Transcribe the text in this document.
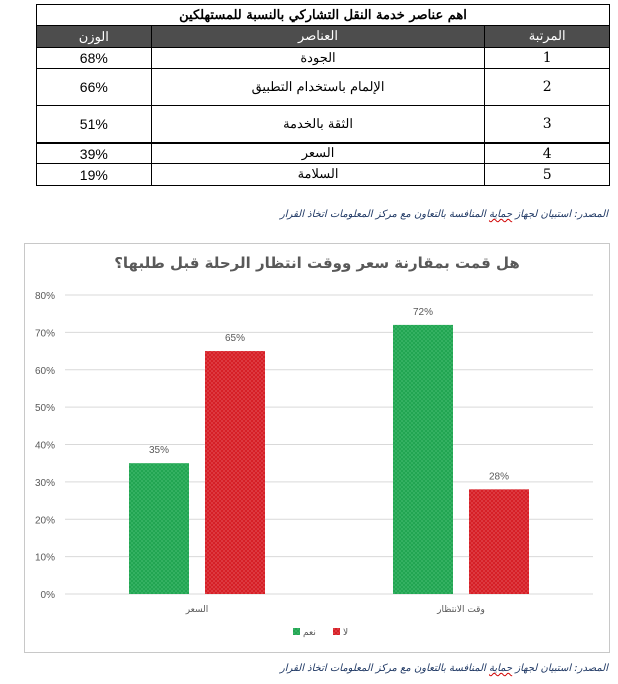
اهم عناصر خدمة النقل التشاركي بالنسبة للمستهلكين		
المرتبة	العناصر	الوزن
1	الجودة	68%
2	الإلمام باستخدام التطبيق	66%
3	الثقة بالخدمة	51%
4	السعر	39%
5	السلامة	19%
المصدر: استبيان لجهاز حماية المنافسة بالتعاون مع مركز المعلومات اتخاذ القرار
هل قمت بمقارنة سعر ووقت انتظار الرحلة قبل طلبها؟
0%
10%
20%
30%
40%
50%
60%
70%
80%
35%
65%
السعر
72%
28%
وقت الانتظار
نعم	لا
المصدر: استبيان لجهاز حماية المنافسة بالتعاون مع مركز المعلومات اتخاذ القرار
